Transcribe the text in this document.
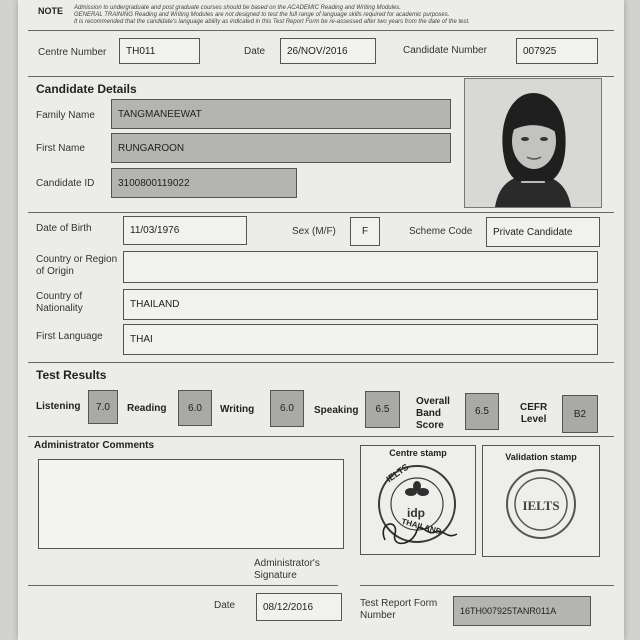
NOTE Admission to undergraduate and post graduate courses should be based on the ACADEMIC Reading and Writing Modules.
GENERAL TRAINING Reading and Writing Modules are not designed to test the full range of language skills required for academic purposes.
It is recommended that the candidate's language ability as indicated in this Test Report Form be re-assessed after two years from the date of the test.
Centre Number	TH011	Date	26/NOV/2016	Candidate Number	007925
Candidate Details
Family Name	TANGMANEEWAT
First Name	RUNGAROON
Candidate ID	3100800119022
Date of Birth	11/03/1976	Sex (M/F)	F	Scheme Code	Private Candidate
Country or Region
of Origin
Country of
Nationality	THAILAND
First Language	THAI
Test Results
Listening	7.0	Reading	6.0	Writing	6.0	Speaking	6.5
Overall
Band
Score
6.5	CEFR
Level	B2
Administrator Comments
Centre stamp
IELTS
idp
THAILAND
Validation stamp
IELTS
Administrator's
Signature
Date	08/12/2016	Test Report Form
Number	16TH007925TANR011A
